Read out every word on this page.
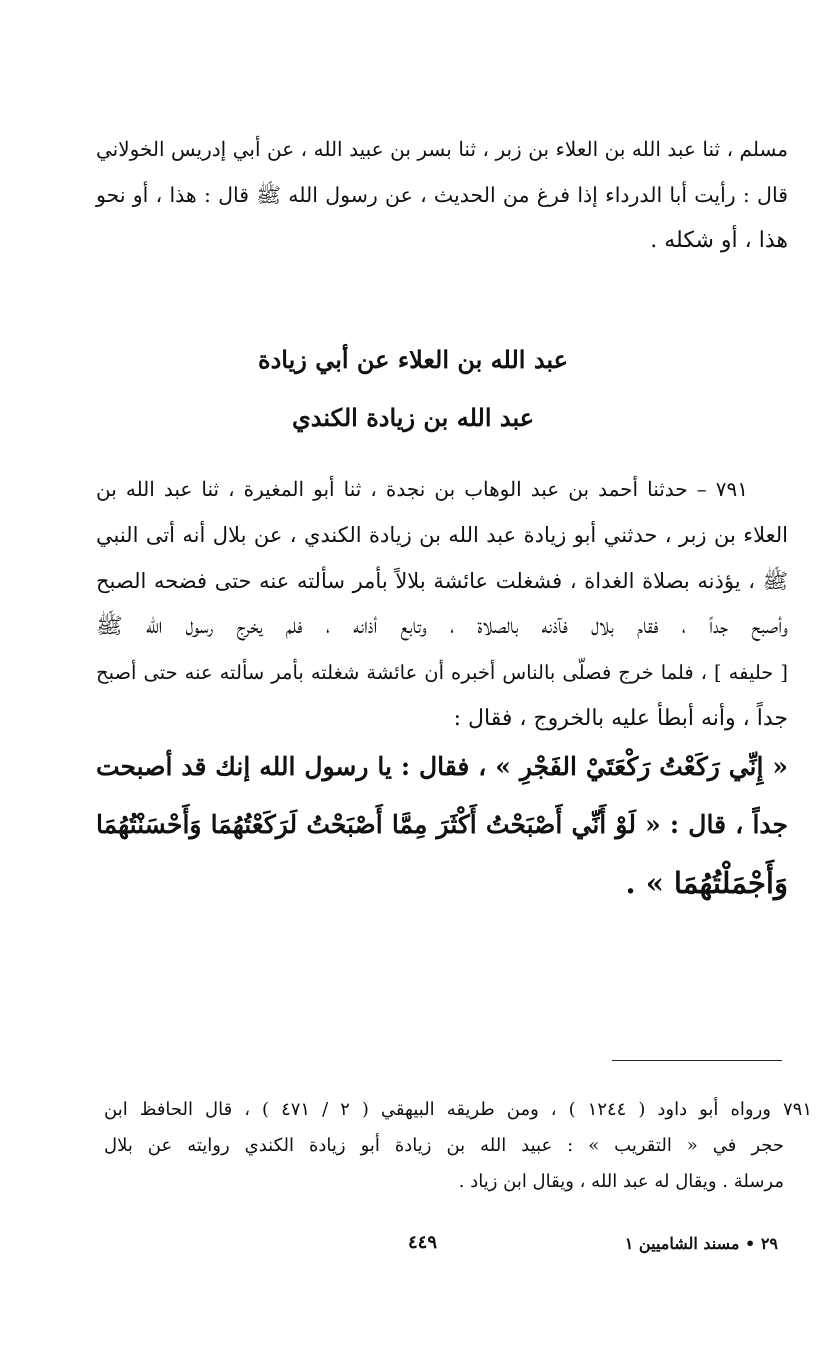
مسلم ، ثنا عبد الله بن العلاء بن زبر ، ثنا بسر بن عبيد الله ، عن أبي إدريس الخولاني
قال : رأيت أبا الدرداء إذا فرغ من الحديث ، عن رسول الله ﷺ قال : هذا ، أو نحو
هذا ، أو شكله .
عبد الله بن العلاء عن أبي زيادة
عبد الله بن زيادة الكندي
٧٩١ – حدثنا أحمد بن عبد الوهاب بن نجدة ، ثنا أبو المغيرة ، ثنا عبد الله بن
العلاء بن زبر ، حدثني أبو زيادة عبد الله بن زيادة الكندي ، عن بلال أنه أتى النبي
ﷺ ، يؤذنه بصلاة الغداة ، فشغلت عائشة بلالاً بأمر سألته عنه حتى فضحه الصبح
وأصبح جداً ، فقام بلال فآذنه بالصلاة ، وتابع أذانه ، فلم يخرج رسول الله ﷺ
[ حليفه ] ، فلما خرج فصلّى بالناس أخبره أن عائشة شغلته بأمر سألته عنه حتى أصبح
جداً ، وأنه أبطأ عليه بالخروج ، فقال :
« إِنِّي رَكَعْتُ رَكْعَتَيْ الفَجْرِ » ، فقال : يا رسول الله إنك قد أصبحت
جداً ، قال : « لَوْ أَنِّي أَصْبَحْتُ أَكْثَرَ مِمَّا أَصْبَحْتُ لَرَكَعْتُهُمَا وَأَحْسَنْتُهُمَا
وَأَجْمَلْتُهُمَا » .
٧٩١ ورواه أبو داود ( ١٢٤٤ ) ، ومن طريقه البيهقي ( ٢ / ٤٧١ ) ، قال الحافظ ابن
حجر في « التقريب » : عبيد الله بن زيادة أبو زيادة الكندي روايته عن بلال
مرسلة . ويقال له عبد الله ، ويقال ابن زياد .
٤٤٩	٢٩ • مسند الشاميين ١
